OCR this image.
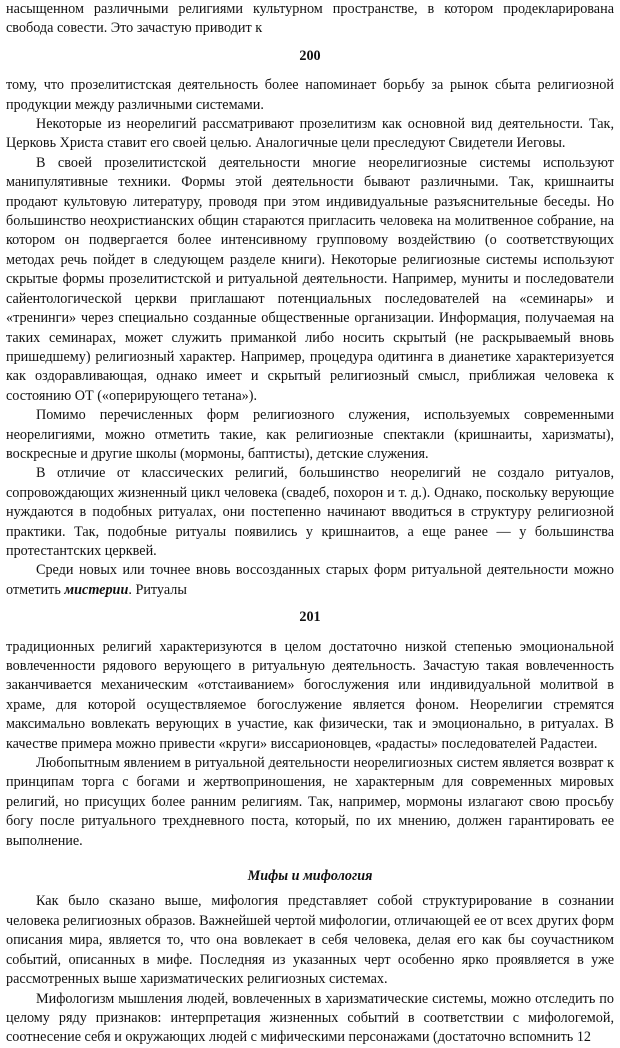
насыщенном различными религиями культурном пространстве, в котором продекларирована свобода совести. Это зачастую приводит к

200

тому, что прозелитистская деятельность более напоминает борьбу за рынок сбыта религиозной продукции между различными системами.

Некоторые из неорелигий рассматривают прозелитизм как основной вид деятельности. Так, Церковь Христа ставит его своей целью. Аналогичные цели преследуют Свидетели Иеговы.

В своей прозелитистской деятельности многие неорелигиозные системы используют манипулятивные техники. Формы этой деятельности бывают различными. Так, кришнаиты продают культовую литературу, проводя при этом индивидуальные разъяснительные беседы. Но большинство неохристианских общин стараются пригласить человека на молитвенное собрание, на котором он подвергается более интенсивному групповому воздействию (о соответствующих методах речь пойдет в следующем разделе книги). Некоторые религиозные системы используют скрытые формы прозелитистской и ритуальной деятельности. Например, муниты и последователи сайентологической церкви приглашают потенциальных последователей на «семинары» и «тренинги» через специально созданные общественные организации. Информация, получаемая на таких семинарах, может служить приманкой либо носить скрытый (не раскрываемый вновь пришедшему) религиозный характер. Например, процедура одитинга в дианетике характеризуется как оздоравливающая, однако имеет и скрытый религиозный смысл, приближая человека к состоянию ОТ («оперирующего тетана»).

Помимо перечисленных форм религиозного служения, используемых современными неорелигиями, можно отметить такие, как религиозные спектакли (кришнаиты, харизматы), воскресные и другие школы (мормоны, баптисты), детские служения.

В отличие от классических религий, большинство неорелигий не создало ритуалов, сопровождающих жизненный цикл человека (свадеб, похорон и т. д.). Однако, поскольку верующие нуждаются в подобных ритуалах, они постепенно начинают вводиться в структуру религиозной практики. Так, подобные ритуалы появились у кришнаитов, а еще ранее — у большинства протестантских церквей.

Среди новых или точнее вновь воссозданных старых форм ритуальной деятельности можно отметить мистерии. Ритуалы

201

традиционных религий характеризуются в целом достаточно низкой степенью эмоциональной вовлеченности рядового верующего в ритуальную деятельность. Зачастую такая вовлеченность заканчивается механическим «отстаиванием» богослужения или индивидуальной молитвой в храме, для которой осуществляемое богослужение является фоном. Неорелигии стремятся максимально вовлекать верующих в участие, как физически, так и эмоционально, в ритуалах. В качестве примера можно привести «круги» виссарионовцев, «радасты» последователей Радастеи.

Любопытным явлением в ритуальной деятельности неорелигиозных систем является возврат к принципам торга с богами и жертвоприношения, не характерным для современных мировых религий, но присущих более ранним религиям. Так, например, мормоны излагают свою просьбу богу после ритуального трехдневного поста, который, по их мнению, должен гарантировать ее выполнение.

Мифы и мифология

Как было сказано выше, мифология представляет собой структурирование в сознании человека религиозных образов. Важнейшей чертой мифологии, отличающей ее от всех других форм описания мира, является то, что она вовлекает в себя человека, делая его как бы соучастником событий, описанных в мифе. Последняя из указанных черт особенно ярко проявляется в уже рассмотренных выше харизматических религиозных системах.

Мифологизм мышления людей, вовлеченных в харизматические системы, можно отследить по целому ряду признаков: интерпретация жизненных событий в соответствии с мифологемой, соотнесение себя и окружающих людей с мифическими персонажами (достаточно вспомнить 12
